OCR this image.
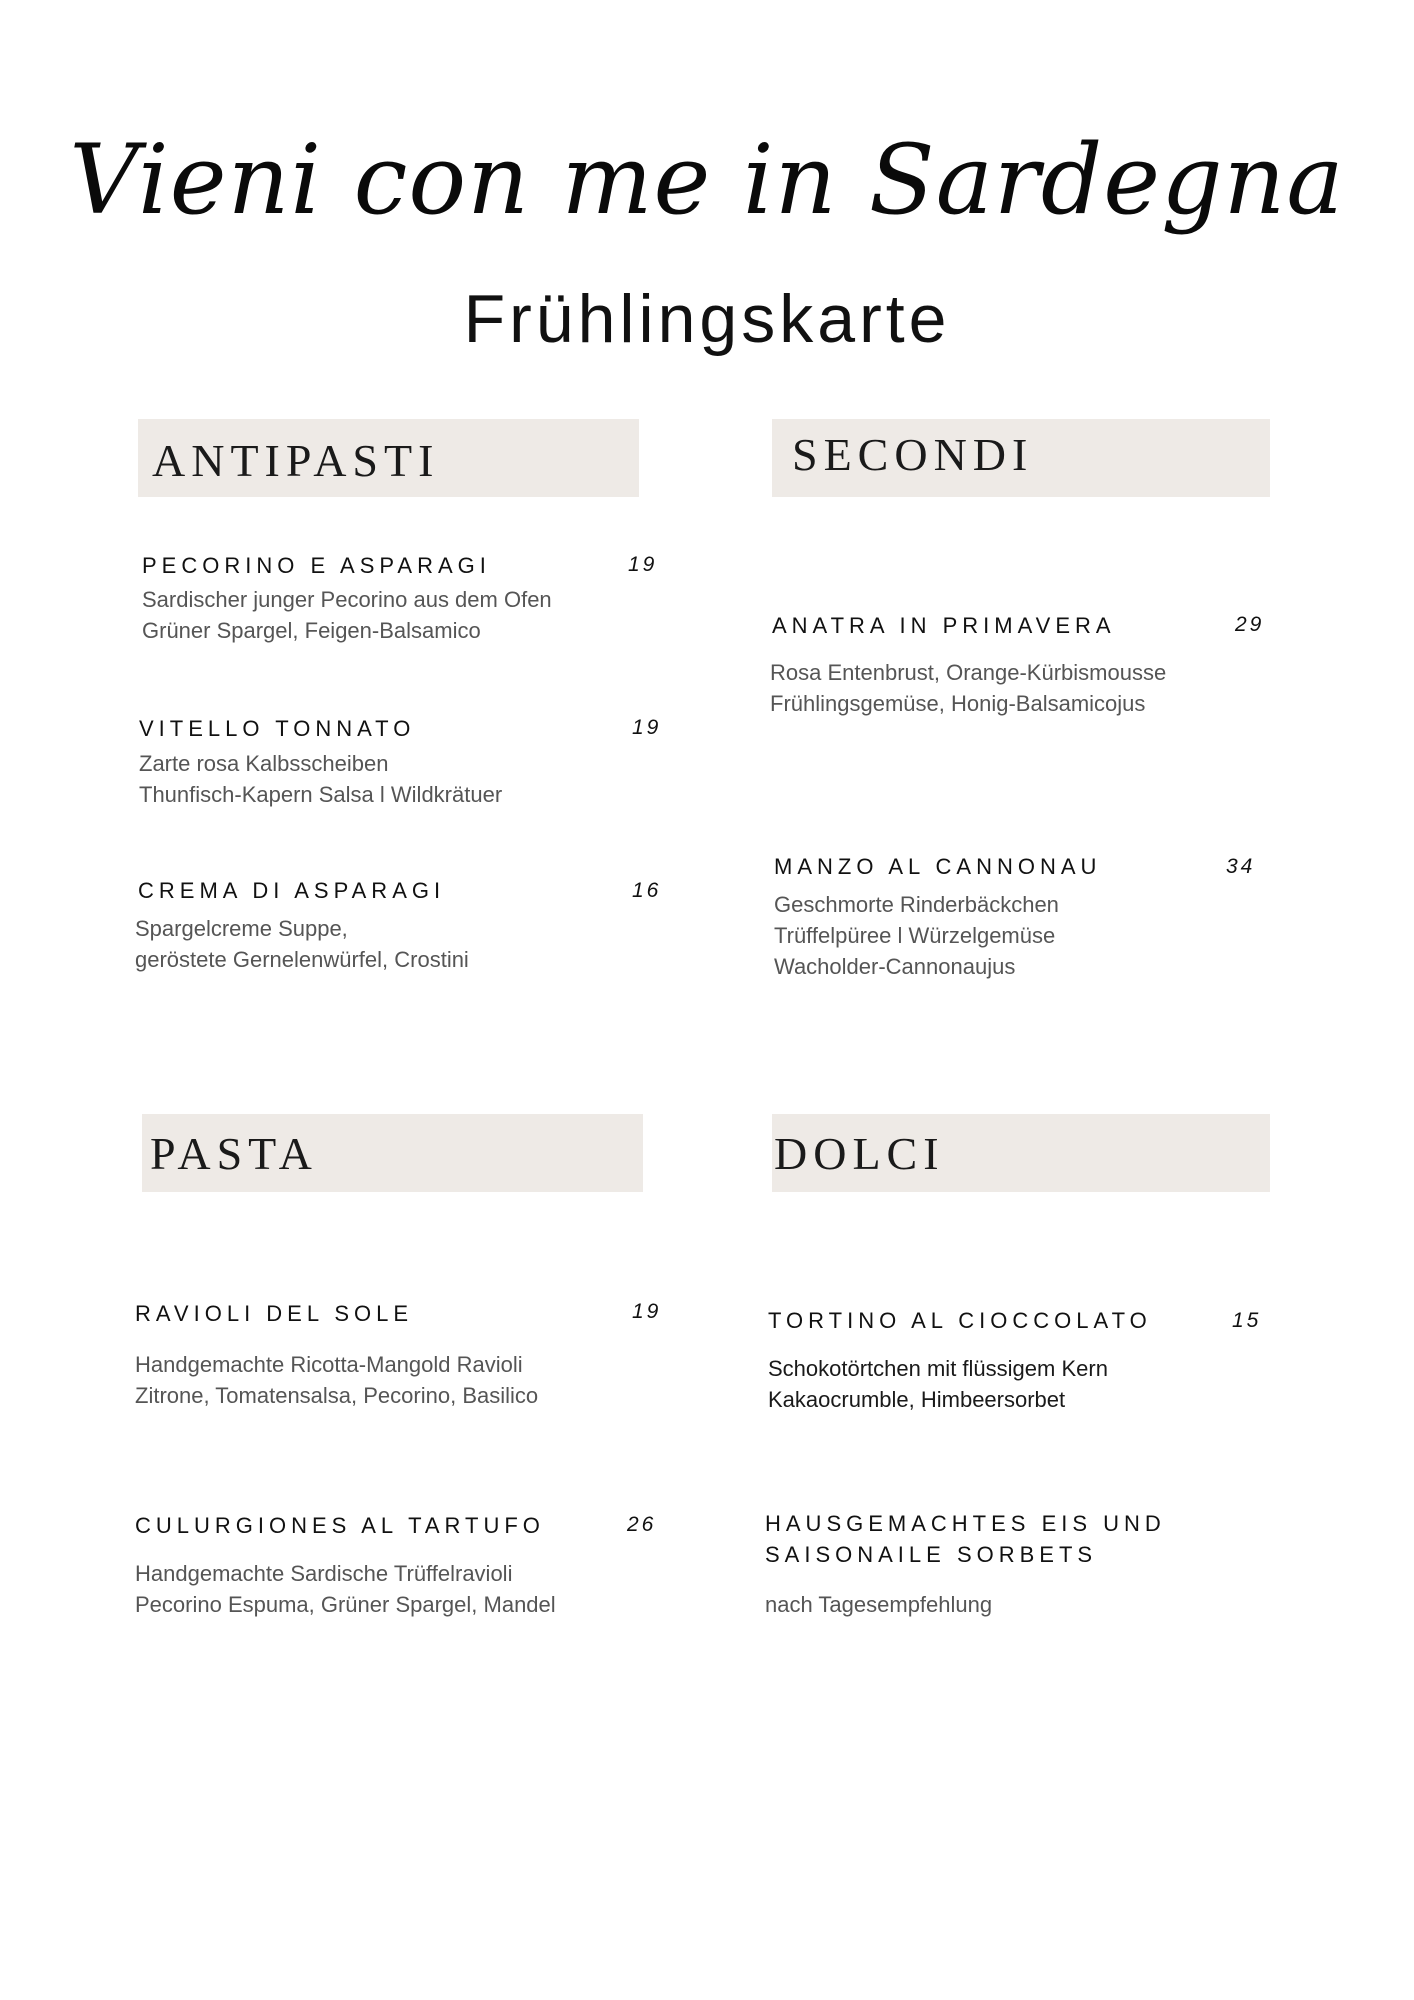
Vieni con me in Sardegna
Frühlingskarte
ANTIPASTI
PECORINO E ASPARAGI	19
Sardischer junger Pecorino aus dem Ofen
Grüner Spargel, Feigen-Balsamico
VITELLO TONNATO	19
Zarte rosa Kalbsscheiben
Thunfisch-Kapern Salsa l Wildkrätuer
CREMA DI ASPARAGI	16
Spargelcreme Suppe,
geröstete Gernelenwürfel, Crostini
SECONDI
ANATRA IN PRIMAVERA	29
Rosa Entenbrust, Orange-Kürbismousse
Frühlingsgemüse, Honig-Balsamicojus
MANZO AL CANNONAU	34
Geschmorte Rinderbäckchen
Trüffelpüree l Würzelgemüse
Wacholder-Cannonaujus
PASTA
RAVIOLI DEL SOLE	19
Handgemachte Ricotta-Mangold Ravioli
Zitrone, Tomatensalsa, Pecorino, Basilico
CULURGIONES AL TARTUFO	26
Handgemachte Sardische Trüffelravioli
Pecorino Espuma, Grüner Spargel, Mandel
DOLCI
TORTINO AL CIOCCOLATO	15
Schokotörtchen mit flüssigem Kern
Kakaocrumble, Himbeersorbet
HAUSGEMACHTES EIS UND SAISONAILE SORBETS
nach Tagesempfehlung
